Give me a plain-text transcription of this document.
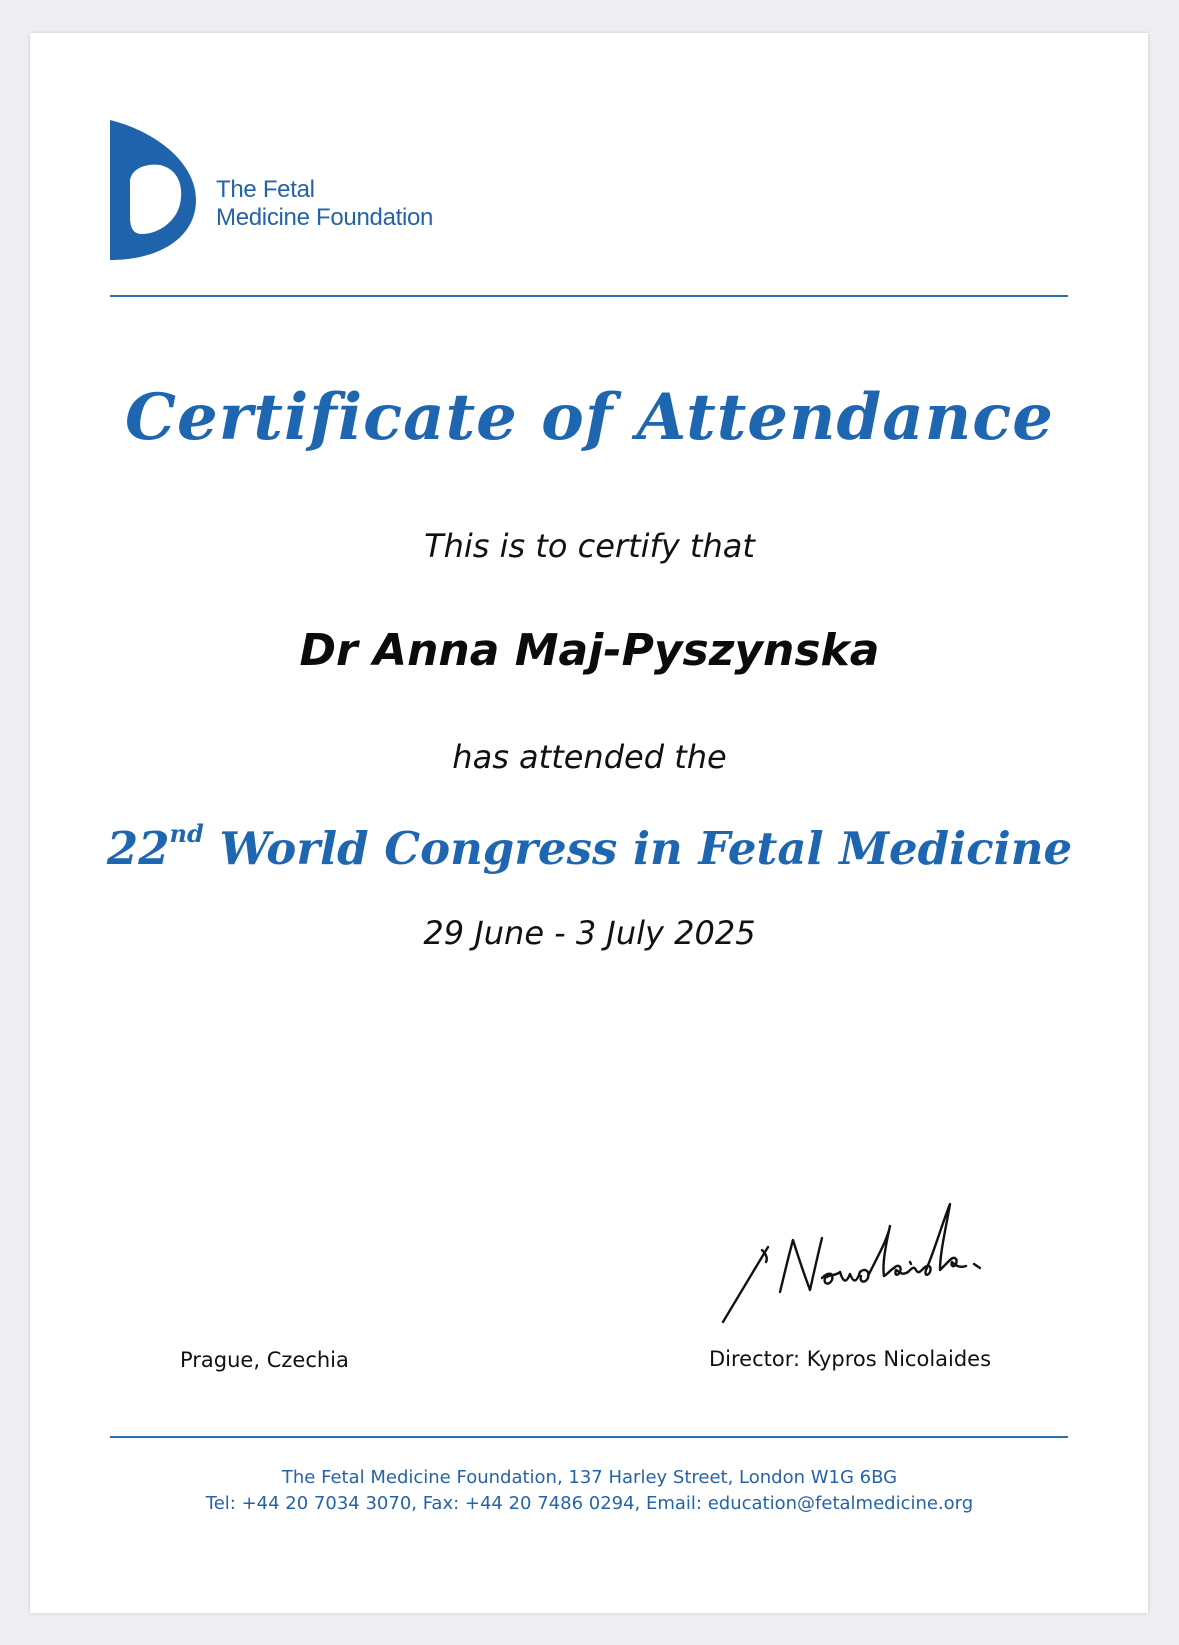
The Fetal
Medicine Foundation
Certificate of Attendance
This is to certify that
Dr Anna Maj-Pyszynska
has attended the
22nd World Congress in Fetal Medicine
29 June - 3 July 2025
Prague, Czechia	Director: Kypros Nicolaides
The Fetal Medicine Foundation, 137 Harley Street, London W1G 6BG
Tel: +44 20 7034 3070, Fax: +44 20 7486 0294, Email: education@fetalmedicine.org
